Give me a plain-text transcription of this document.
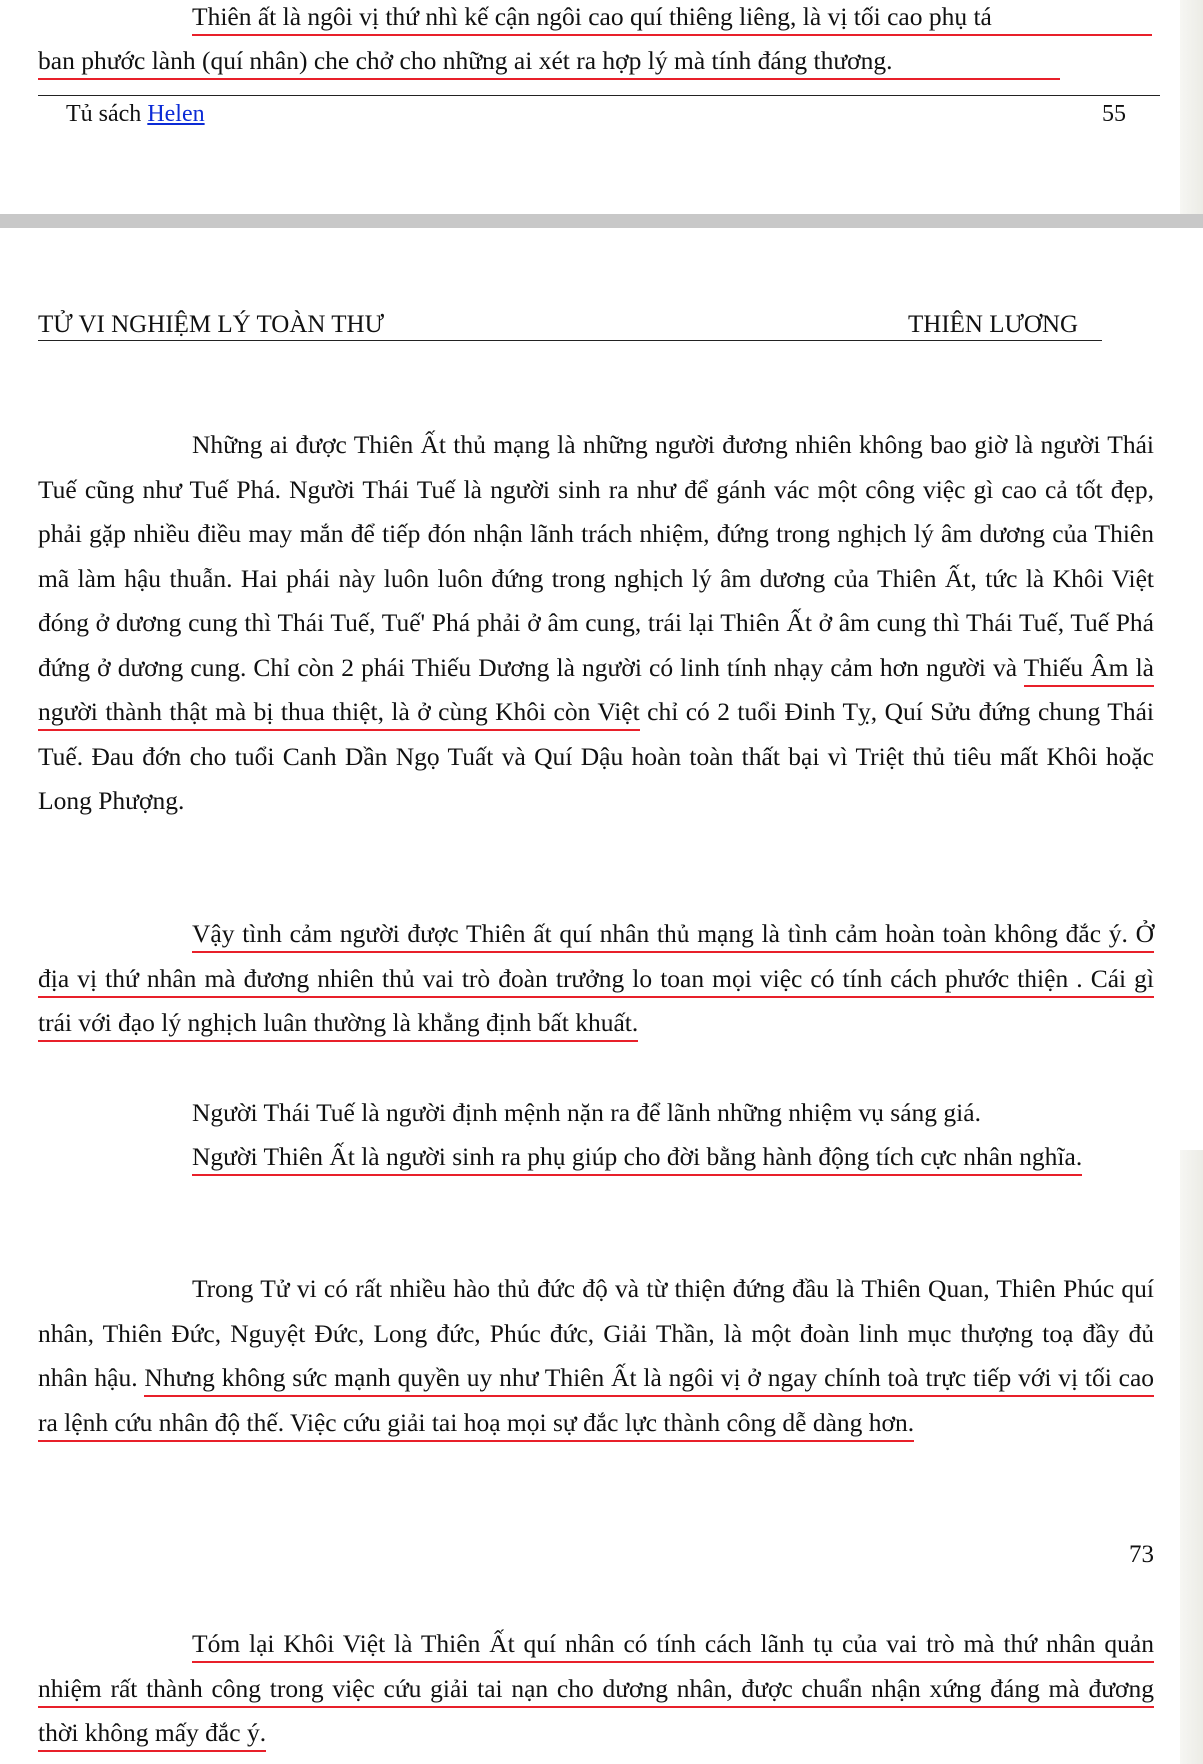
Thiên ất là ngôi vị thứ nhì kế cận ngôi cao quí thiêng liêng, là vị tối cao phụ tá
ban phước lành (quí nhân) che chở cho những ai xét ra hợp lý mà tính đáng thương.
Tủ sách Helen	55
TỬ VI NGHIỆM LÝ TOÀN THƯ	THIÊN LƯƠNG

Những ai được Thiên Ất thủ mạng là những người đương nhiên không bao giờ là người Thái Tuế cũng như Tuế Phá. Người Thái Tuế là người sinh ra như để gánh vác một công việc gì cao cả tốt đẹp, phải gặp nhiều điều may mắn để tiếp đón nhận lãnh trách nhiệm, đứng trong nghịch lý âm dương của Thiên mã làm hậu thuẫn. Hai phái này luôn luôn đứng trong nghịch lý âm dương của Thiên Ất, tức là Khôi Việt đóng ở dương cung thì Thái Tuế, Tuế' Phá phải ở âm cung, trái lại Thiên Ất ở âm cung thì Thái Tuế, Tuế Phá đứng ở dương cung. Chỉ còn 2 phái Thiếu Dương là người có linh tính nhạy cảm hơn người và Thiếu Âm là người thành thật mà bị thua thiệt, là ở cùng Khôi còn Việt chỉ có 2 tuổi Đinh Tỵ, Quí Sửu đứng chung Thái Tuế. Đau đớn cho tuổi Canh Dần Ngọ Tuất và Quí Dậu hoàn toàn thất bại vì Triệt thủ tiêu mất Khôi hoặc Long Phượng.

Vậy tình cảm người được Thiên ất quí nhân thủ mạng là tình cảm hoàn toàn không đắc ý. Ở địa vị thứ nhân mà đương nhiên thủ vai trò đoàn trưởng lo toan mọi việc có tính cách phước thiện . Cái gì trái với đạo lý nghịch luân thường là khẳng định bất khuất.

Người Thái Tuế là người định mệnh nặn ra để lãnh những nhiệm vụ sáng giá.

Người Thiên Ất là người sinh ra phụ giúp cho đời bằng hành động tích cực nhân nghĩa.

Trong Tử vi có rất nhiều hào thủ đức độ và từ thiện đứng đầu là Thiên Quan, Thiên Phúc quí nhân, Thiên Đức, Nguyệt Đức, Long đức, Phúc đức, Giải Thần, là một đoàn linh mục thượng toạ đầy đủ nhân hậu. Nhưng không sức mạnh quyền uy như Thiên Ất là ngôi vị ở ngay chính toà trực tiếp với vị tối cao ra lệnh cứu nhân độ thế. Việc cứu giải tai hoạ mọi sự đắc lực thành công dễ dàng hơn.

73

Tóm lại Khôi Việt là Thiên Ất quí nhân có tính cách lãnh tụ của vai trò mà thứ nhân quản nhiệm rất thành công trong việc cứu giải tai nạn cho dương nhân, được chuẩn nhận xứng đáng mà đương thời không mấy đắc ý.
